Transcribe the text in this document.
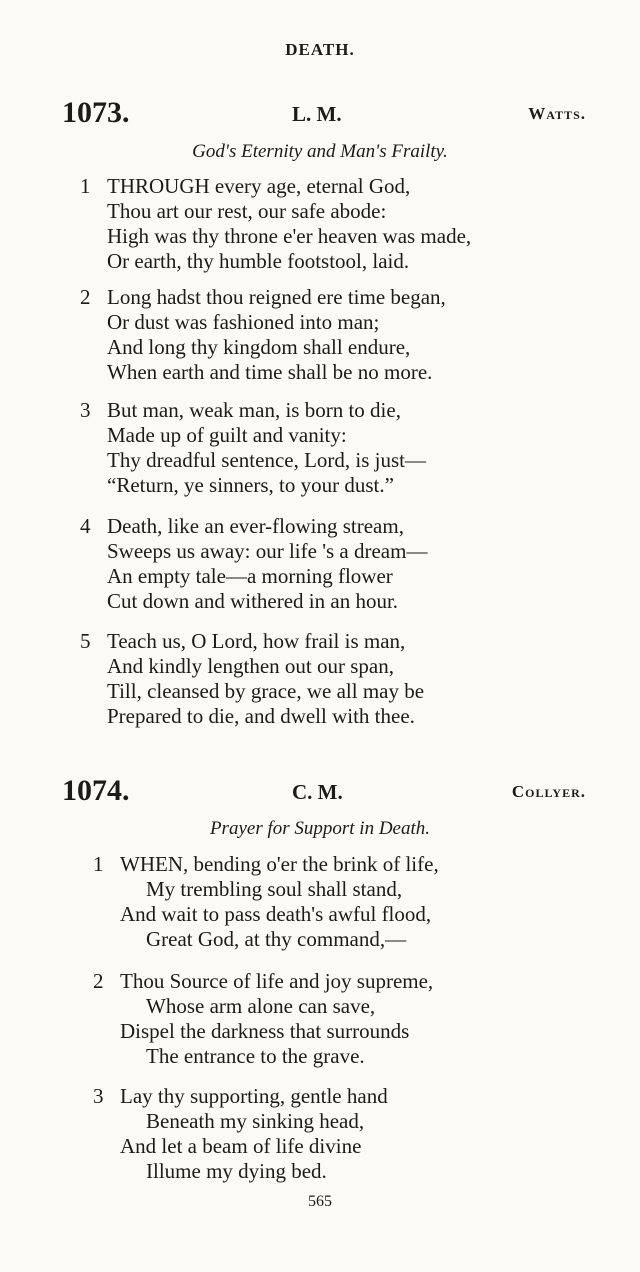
DEATH.
1073.	L. M.	Watts.
God's Eternity and Man's Frailty.
1 THROUGH every age, eternal God,
Thou art our rest, our safe abode:
High was thy throne e'er heaven was made,
Or earth, thy humble footstool, laid.
2 Long hadst thou reigned ere time began,
Or dust was fashioned into man;
And long thy kingdom shall endure,
When earth and time shall be no more.
3 But man, weak man, is born to die,
Made up of guilt and vanity:
Thy dreadful sentence, Lord, is just—
“Return, ye sinners, to your dust.”
4 Death, like an ever-flowing stream,
Sweeps us away: our life 's a dream—
An empty tale—a morning flower
Cut down and withered in an hour.
5 Teach us, O Lord, how frail is man,
And kindly lengthen out our span,
Till, cleansed by grace, we all may be
Prepared to die, and dwell with thee.
1074.	C. M.	Collyer.
Prayer for Support in Death.
1 WHEN, bending o'er the brink of life,
My trembling soul shall stand,
And wait to pass death's awful flood,
Great God, at thy command,—
2 Thou Source of life and joy supreme,
Whose arm alone can save,
Dispel the darkness that surrounds
The entrance to the grave.
3 Lay thy supporting, gentle hand
Beneath my sinking head,
And let a beam of life divine
Illume my dying bed.
565
